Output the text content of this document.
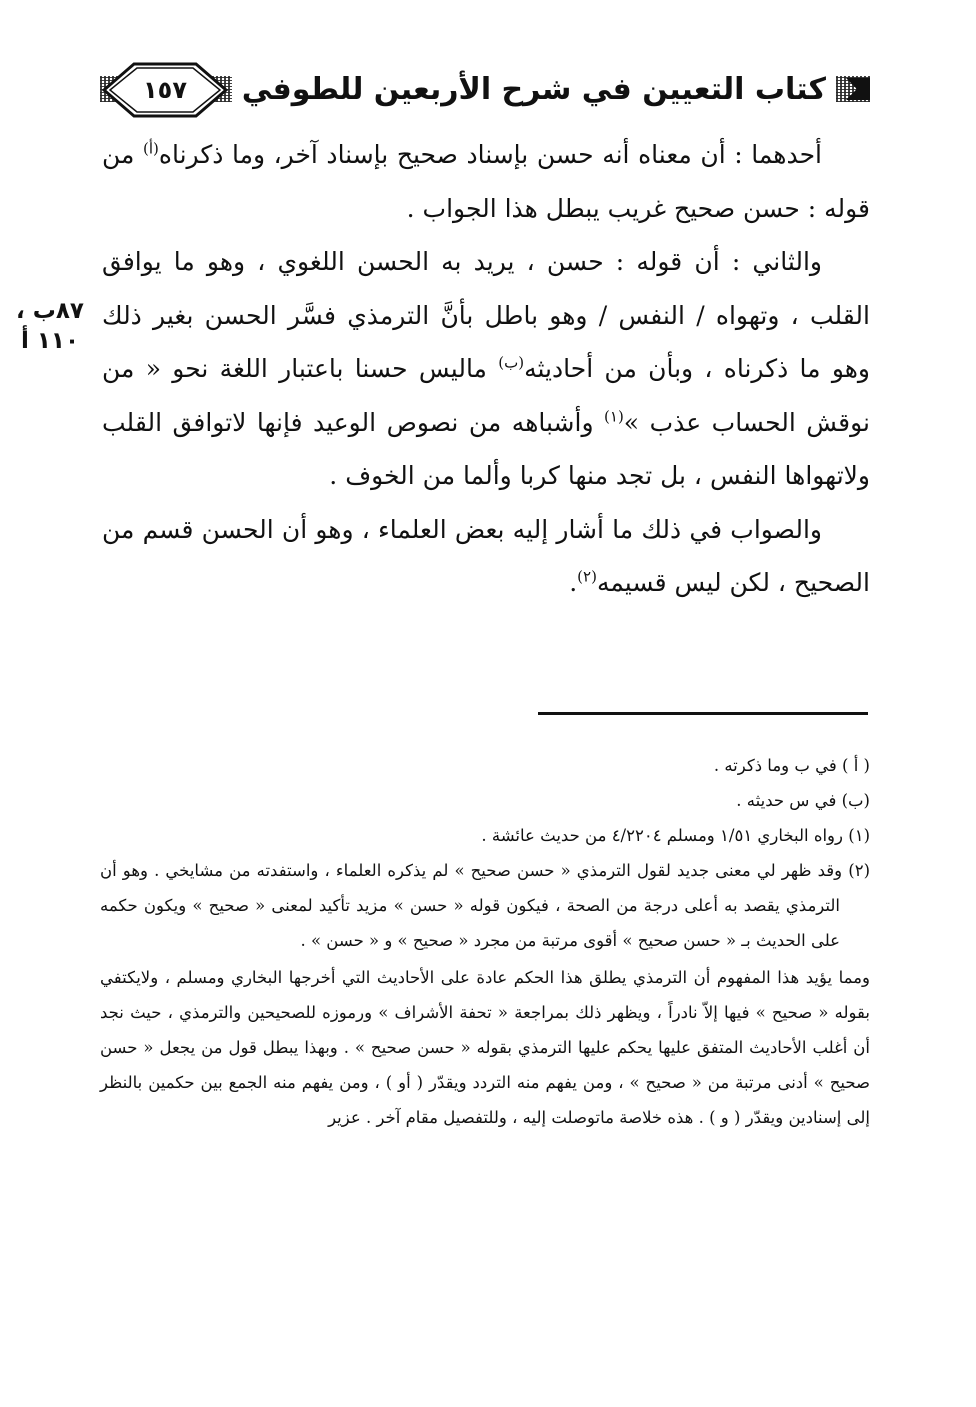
١٥٧	كتاب التعيين في شرح الأربعين للطوفي
٨٧ب ،
١١٠ أ

أحدهما : أن معناه أنه حسن بإسناد صحيح بإسناد آخر، وما ذكرناه$^{(أ)}$ من قوله : حسن صحيح غريب يبطل هذا الجواب .

والثاني : أن قوله : حسن ، يريد به الحسن اللغوي ، وهو ما يوافق القلب ، وتهواه / النفس / وهو باطل بأنَّ الترمذي فسَّر الحسن بغير ذلك وهو ما ذكرناه ، وبأن من أحاديثه$^{(ب)}$ ماليس حسنا باعتبار اللغة نحو « من نوقش الحساب عذب »$^{(١)}$ وأشباهه من نصوص الوعيد فإنها لاتوافق القلب ولاتهواها النفس ، بل تجد منها كربا وألما من الخوف .

والصواب في ذلك ما أشار إليه بعض العلماء ، وهو أن الحسن قسم من الصحيح ، لكن ليس قسيمه$^{(٢)}$.

( أ ) في ب وما ذكرته .

(ب) في س حديثه .

(١) رواه البخاري ١/٥١ ومسلم ٤/٢٢٠٤ من حديث عائشة .

(٢) وقد ظهر لي معنى جديد لقول الترمذي « حسن صحيح » لم يذكره العلماء ، واستفدته من مشايخي . وهو أن الترمذي يقصد به أعلى درجة من الصحة ، فيكون قوله « حسن » مزيد تأكيد لمعنى « صحيح » ويكون حكمه على الحديث بـ « حسن صحيح » أقوى مرتبة من مجرد « صحيح » و « حسن » .

ومما يؤيد هذا المفهوم أن الترمذي يطلق هذا الحكم عادة على الأحاديث التي أخرجها البخاري ومسلم ، ولايكتفي بقوله « صحيح » فيها إلاّ نادراً ، ويظهر ذلك بمراجعة « تحفة الأشراف » ورموزه للصحيحين والترمذي ، حيث نجد أن أغلب الأحاديث المتفق عليها يحكم عليها الترمذي بقوله « حسن صحيح » . وبهذا يبطل قول من يجعل « حسن صحيح » أدنى مرتبة من « صحيح » ، ومن يفهم منه التردد ويقدّر ( أو ) ، ومن يفهم منه الجمع بين حكمين بالنظر إلى إسنادين ويقدّر ( و ) . هذه خلاصة ماتوصلت إليه ، وللتفصيل مقام آخر . عزير
